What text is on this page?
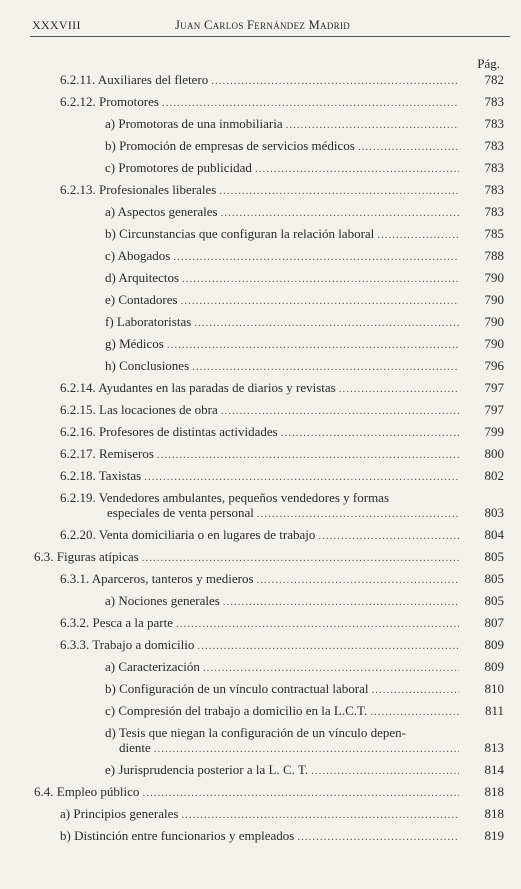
XXXVIII	Juan Carlos Fernández Madrid
Pág.
6.2.11. Auxiliares del fletero .....	782
6.2.12. Promotores .....	783
a) Promotoras de una inmobiliaria .....	783
b) Promoción de empresas de servicios médicos .....	783
c) Promotores de publicidad .....	783
6.2.13. Profesionales liberales .....	783
a) Aspectos generales .....	783
b) Circunstancias que configuran la relación laboral .....	785
c) Abogados .....	788
d) Arquitectos .....	790
e) Contadores .....	790
f) Laboratoristas .....	790
g) Médicos .....	790
h) Conclusiones .....	796
6.2.14. Ayudantes en las paradas de diarios y revistas .....	797
6.2.15. Las locaciones de obra .....	797
6.2.16. Profesores de distintas actividades .....	799
6.2.17. Remiseros .....	800
6.2.18. Taxistas .....	802
6.2.19. Vendedores ambulantes, pequeños vendedores y formas
especiales de venta personal .....	803
6.2.20. Venta domiciliaria o en lugares de trabajo .....	804
6.3. Figuras atípicas .....	805
6.3.1. Aparceros, tanteros y medieros .....	805
a) Nociones generales .....	805
6.3.2. Pesca a la parte .....	807
6.3.3. Trabajo a domicilio .....	809
a) Caracterización .....	809
b) Configuración de un vínculo contractual laboral .....	810
c) Compresión del trabajo a domicilio en la L.C.T. .....	811
d) Tesis que niegan la configuración de un vínculo depen-
diente .....	813
e) Jurisprudencia posterior a la L. C. T. .....	814
6.4. Empleo público .....	818
a) Principios generales .....	818
b) Distinción entre funcionarios y empleados .....	819
